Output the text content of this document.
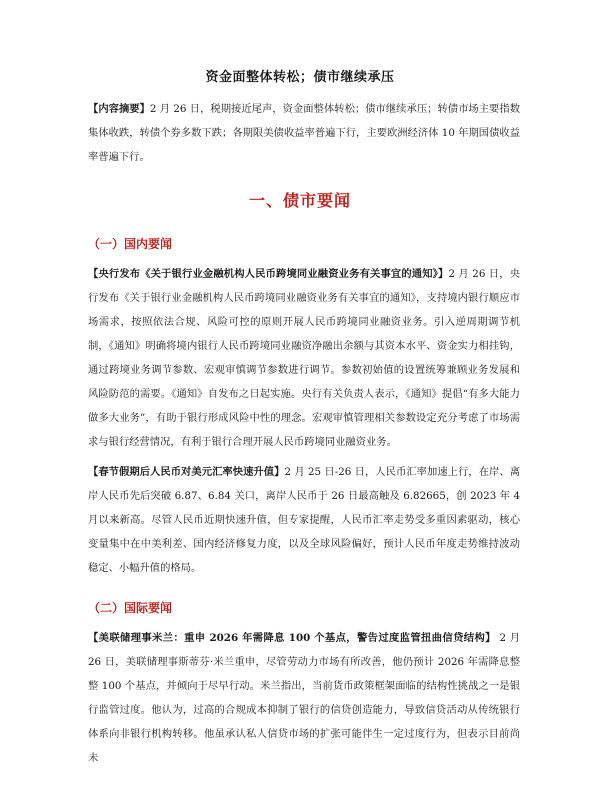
资金面整体转松；债市继续承压
【内容摘要】2 月 26 日，税期接近尾声，资金面整体转松；债市继续承压；转债市场主要指数集体收跌，转债个券多数下跌；各期限美债收益率普遍下行，主要欧洲经济体 10 年期国债收益率普遍下行。
一、债市要闻
（一）国内要闻
【央行发布《关于银行业金融机构人民币跨境同业融资业务有关事宜的通知》】2 月 26 日，央行发布《关于银行业金融机构人民币跨境同业融资业务有关事宜的通知》，支持境内银行顺应市场需求，按照依法合规、风险可控的原则开展人民币跨境同业融资业务。引入逆周期调节机制，《通知》明确将境内银行人民币跨境同业融资净融出余额与其资本水平、资金实力相挂钩，通过跨境业务调节参数、宏观审慎调节参数进行调节。参数初始值的设置统筹兼顾业务发展和风险防范的需要。《通知》自发布之日起实施。央行有关负责人表示，《通知》提倡“有多大能力做多大业务”，有助于银行形成风险中性的理念。宏观审慎管理相关参数设定充分考虑了市场需求与银行经营情况，有利于银行合理开展人民币跨境同业融资业务。
【春节假期后人民币对美元汇率快速升值】2 月 25 日-26 日，人民币汇率加速上行，在岸、离岸人民币先后突破 6.87、6.84 关口，离岸人民币于 26 日最高触及 6.82665，创 2023 年 4 月以来新高。尽管人民币近期快速升值，但专家提醒，人民币汇率走势受多重因素驱动，核心变量集中在中美利差、国内经济修复力度，以及全球风险偏好，预计人民币年度走势维持波动稳定、小幅升值的格局。
（二）国际要闻
【美联储理事米兰：重申 2026 年需降息 100 个基点，警告过度监管扭曲信贷结构】 2 月 26 日，美联储理事斯蒂芬·米兰重申，尽管劳动力市场有所改善，他仍预计 2026 年需降息整整 100 个基点，并倾向于尽早行动。米兰指出，当前货币政策框架面临的结构性挑战之一是银行监管过度。他认为，过高的合规成本抑制了银行的信贷创造能力，导致信贷活动从传统银行体系向非银行机构转移。他虽承认私人信贷市场的扩张可能伴生一定过度行为，但表示目前尚未
